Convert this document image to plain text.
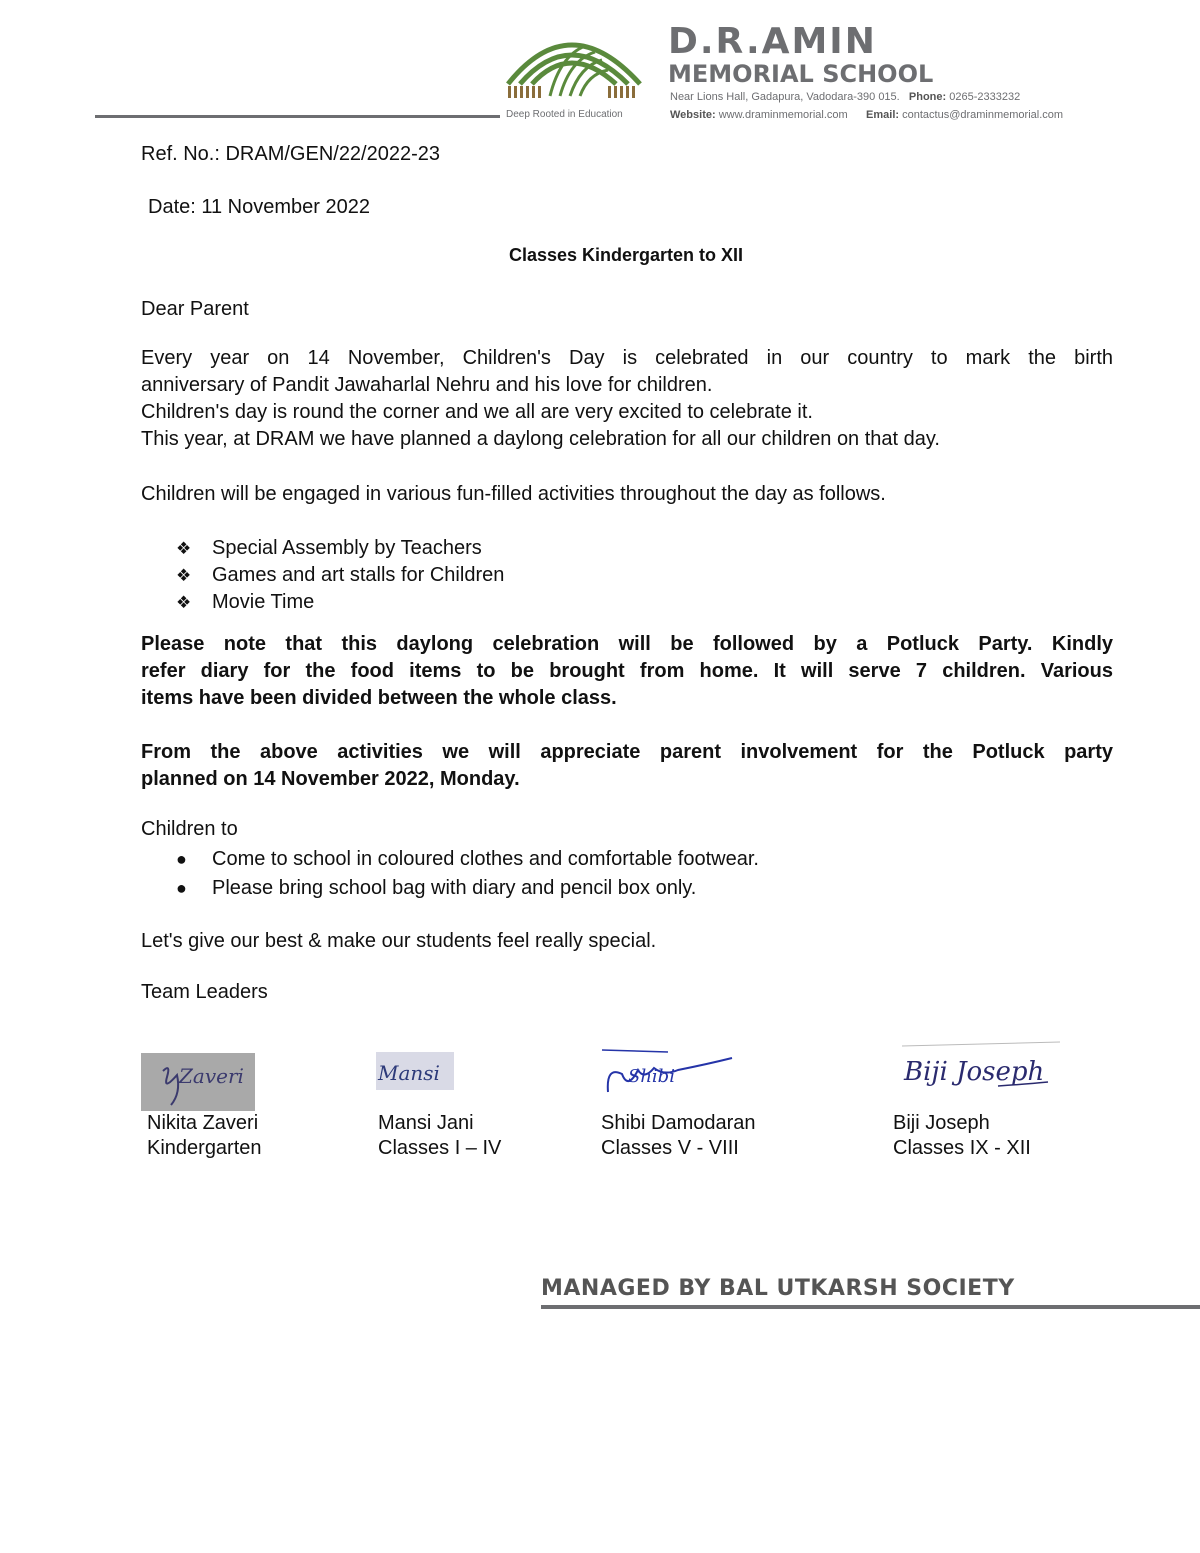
Deep Rooted in Education
D.R.AMIN
MEMORIAL SCHOOL
Near Lions Hall, Gadapura, Vadodara-390 015. Phone: 0265-2333232
Website: www.draminmemorial.com Email: contactus@draminmemorial.com
Ref. No.: DRAM/GEN/22/2022-23
Date: 11 November 2022
Classes Kindergarten to XII
Dear Parent

Every year on 14 November, Children's Day is celebrated in our country to mark the birth

anniversary of Pandit Jawaharlal Nehru and his love for children.

Children's day is round the corner and we all are very excited to celebrate it.

This year, at DRAM we have planned a daylong celebration for all our children on that day.

Children will be engaged in various fun-filled activities throughout the day as follows.
❖	Special Assembly by Teachers
❖	Games and art stalls for Children
❖	Movie Time

Please note that this daylong celebration will be followed by a Potluck Party. Kindly

refer diary for the food items to be brought from home. It will serve 7 children. Various

items have been divided between the whole class.

From the above activities we will appreciate parent involvement for the Potluck party

planned on 14 November 2022, Monday.

Children to
● Come to school in coloured clothes and comfortable footwear.
● Please bring school bag with diary and pencil box only.
Let's give our best & make our students feel really special.
Team Leaders
Zaveri	Mansi	Shibi	Biji Joseph
Nikita Zaveri
Kindergarten
Mansi Jani
Classes I – IV
Shibi Damodaran
Classes V - VIII
Biji Joseph
Classes IX - XII
MANAGED BY BAL UTKARSH SOCIETY
